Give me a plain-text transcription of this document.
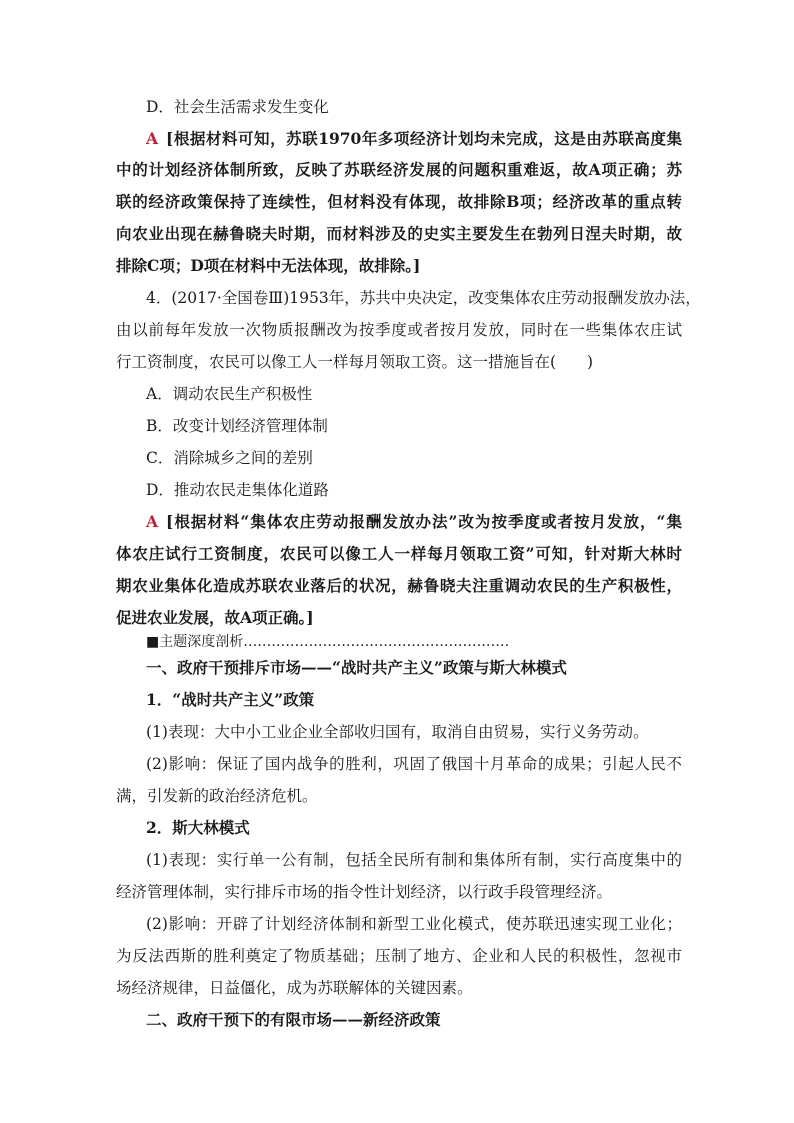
D．社会生活需求发生变化
A [根据材料可知，苏联1970年多项经济计划均未完成，这是由苏联高度集
中的计划经济体制所致，反映了苏联经济发展的问题积重难返，故A项正确；苏
联的经济政策保持了连续性，但材料没有体现，故排除B项；经济改革的重点转
向农业出现在赫鲁晓夫时期，而材料涉及的史实主要发生在勃列日涅夫时期，故
排除C项；D项在材料中无法体现，故排除。]
4．(2017·全国卷Ⅲ)1953年，苏共中央决定，改变集体农庄劳动报酬发放办法，
由以前每年发放一次物质报酬改为按季度或者按月发放，同时在一些集体农庄试
行工资制度，农民可以像工人一样每月领取工资。这一措施旨在(　　)
A．调动农民生产积极性
B．改变计划经济管理体制
C．消除城乡之间的差别
D．推动农民走集体化道路
A [根据材料“集体农庄劳动报酬发放办法”改为按季度或者按月发放，“集
体农庄试行工资制度，农民可以像工人一样每月领取工资”可知，针对斯大林时
期农业集体化造成苏联农业落后的状况，赫鲁晓夫注重调动农民的生产积极性，
促进农业发展，故A项正确。]
■主题深度剖析…………………………………………………
一、政府干预排斥市场——“战时共产主义”政策与斯大林模式
1．“战时共产主义”政策
(1)表现：大中小工业企业全部收归国有，取消自由贸易，实行义务劳动。
(2)影响：保证了国内战争的胜利，巩固了俄国十月革命的成果；引起人民不
满，引发新的政治经济危机。
2．斯大林模式
(1)表现：实行单一公有制，包括全民所有制和集体所有制，实行高度集中的
经济管理体制，实行排斥市场的指令性计划经济，以行政手段管理经济。
(2)影响：开辟了计划经济体制和新型工业化模式，使苏联迅速实现工业化；
为反法西斯的胜利奠定了物质基础；压制了地方、企业和人民的积极性，忽视市
场经济规律，日益僵化，成为苏联解体的关键因素。
二、政府干预下的有限市场——新经济政策
